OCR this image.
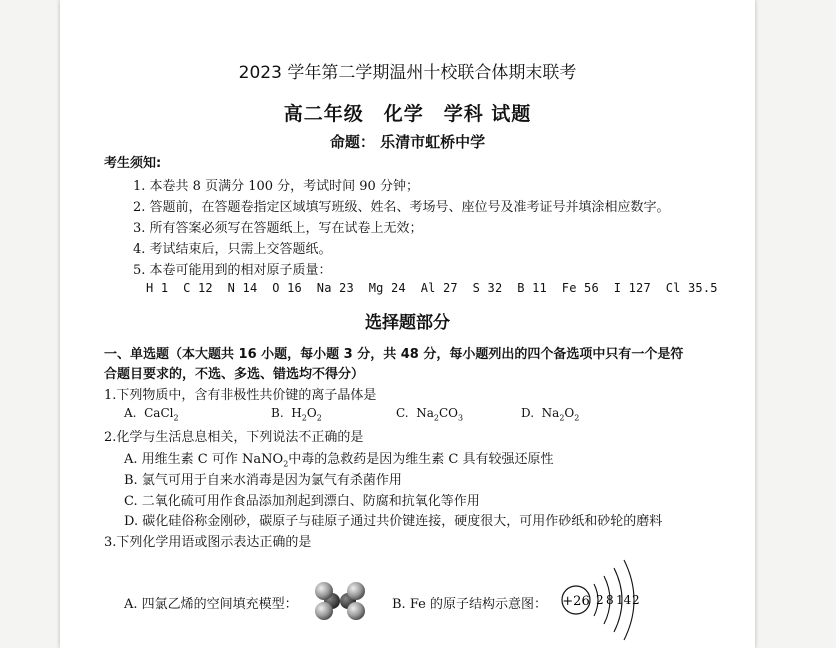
2023 学年第二学期温州十校联合体期末联考
高二年级　化学　学科 试题
命题： 乐清市虹桥中学
考生须知:
1. 本卷共 8 页满分 100 分，考试时间 90 分钟；
2. 答题前，在答题卷指定区域填写班级、姓名、考场号、座位号及准考证号并填涂相应数字。
3. 所有答案必须写在答题纸上，写在试卷上无效；
4. 考试结束后，只需上交答题纸。
5. 本卷可能用到的相对原子质量：
H 1  C 12  N 14  O 16  Na 23  Mg 24  Al 27  S 32  B 11  Fe 56  I 127  Cl 35.5
选择题部分
一、单选题（本大题共 16 小题，每小题 3 分，共 48 分，每小题列出的四个备选项中只有一个是符
合题目要求的，不选、多选、错选均不得分）
1.下列物质中，含有非极性共价键的离子晶体是
A. CaCl$_2$	B. $H_2O_2$	C. $Na_2CO_3$	D. $Na_2O_2$
2.化学与生活息息相关，下列说法不正确的是
A. 用维生素 C 可作 NaNO$_2$中毒的急救药是因为维生素 C 具有较强还原性
B. 氯气可用于自来水消毒是因为氯气有杀菌作用
C. 二氧化硫可用作食品添加剂起到漂白、防腐和抗氧化等作用
D. 碳化硅俗称金刚砂，碳原子与硅原子通过共价键连接，硬度很大，可用作砂纸和砂轮的磨料
3.下列化学用语或图示表达正确的是
A. 四氯乙烯的空间填充模型：	B. Fe 的原子结构示意图： +26 2 8 14 2
